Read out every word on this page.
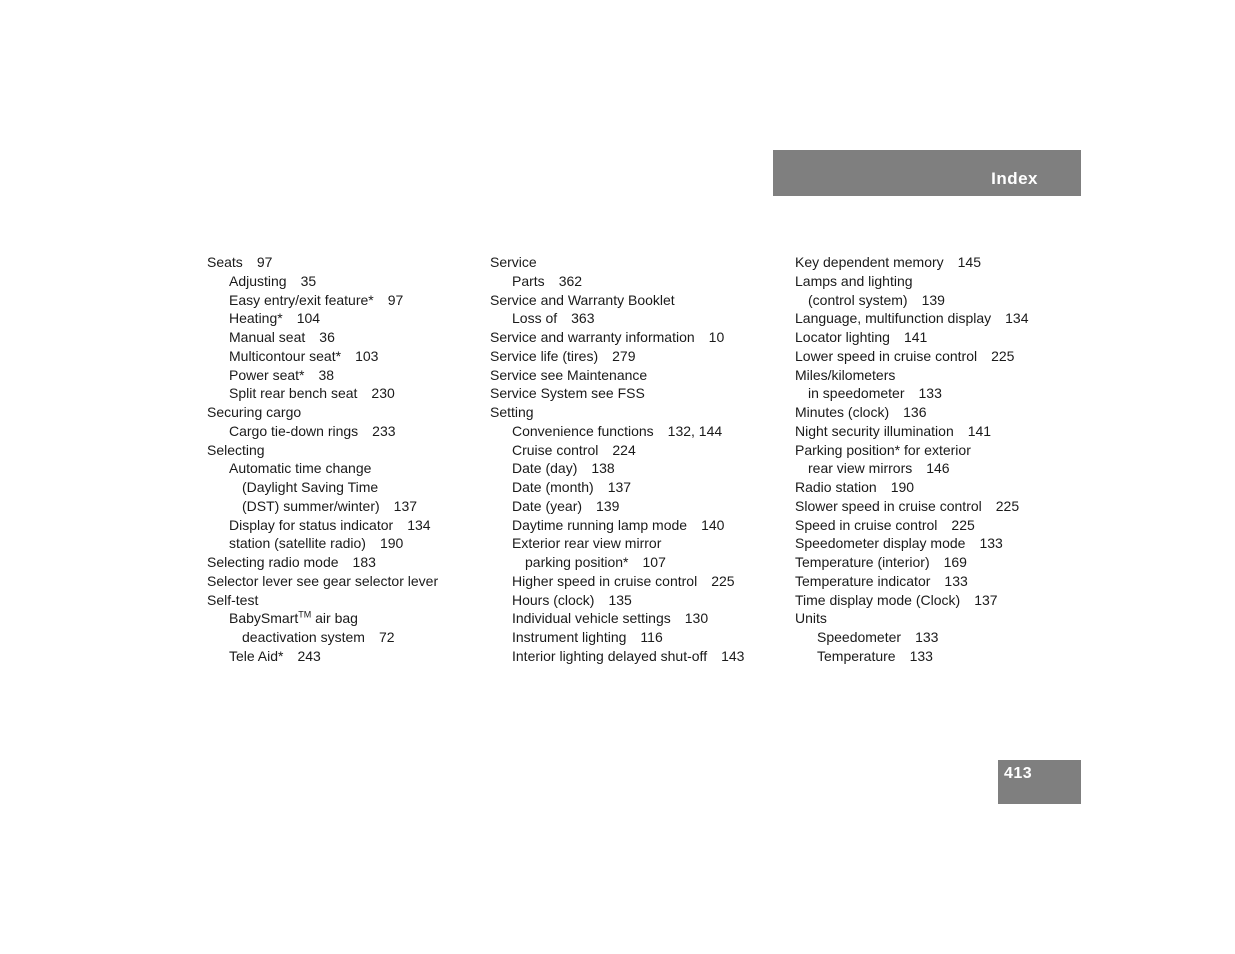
Index
Seats 97
Adjusting 35
Easy entry/exit feature* 97
Heating* 104
Manual seat 36
Multicontour seat* 103
Power seat* 38
Split rear bench seat 230
Securing cargo
Cargo tie-down rings 233
Selecting
Automatic time change
(Daylight Saving Time
(DST) summer/winter) 137
Display for status indicator 134
station (satellite radio) 190
Selecting radio mode 183
Selector lever see gear selector lever
Self-test
BabySmart™ air bag
deactivation system 72
Tele Aid* 243
Service
Parts 362
Service and Warranty Booklet
Loss of 363
Service and warranty information 10
Service life (tires) 279
Service see Maintenance
Service System see FSS
Setting
Convenience functions 132, 144
Cruise control 224
Date (day) 138
Date (month) 137
Date (year) 139
Daytime running lamp mode 140
Exterior rear view mirror
parking position* 107
Higher speed in cruise control 225
Hours (clock) 135
Individual vehicle settings 130
Instrument lighting 116
Interior lighting delayed shut-off 143
Key dependent memory 145
Lamps and lighting
(control system) 139
Language, multifunction display 134
Locator lighting 141
Lower speed in cruise control 225
Miles/kilometers
in speedometer 133
Minutes (clock) 136
Night security illumination 141
Parking position* for exterior
rear view mirrors 146
Radio station 190
Slower speed in cruise control 225
Speed in cruise control 225
Speedometer display mode 133
Temperature (interior) 169
Temperature indicator 133
Time display mode (Clock) 137
Units
Speedometer 133
Temperature 133
413
